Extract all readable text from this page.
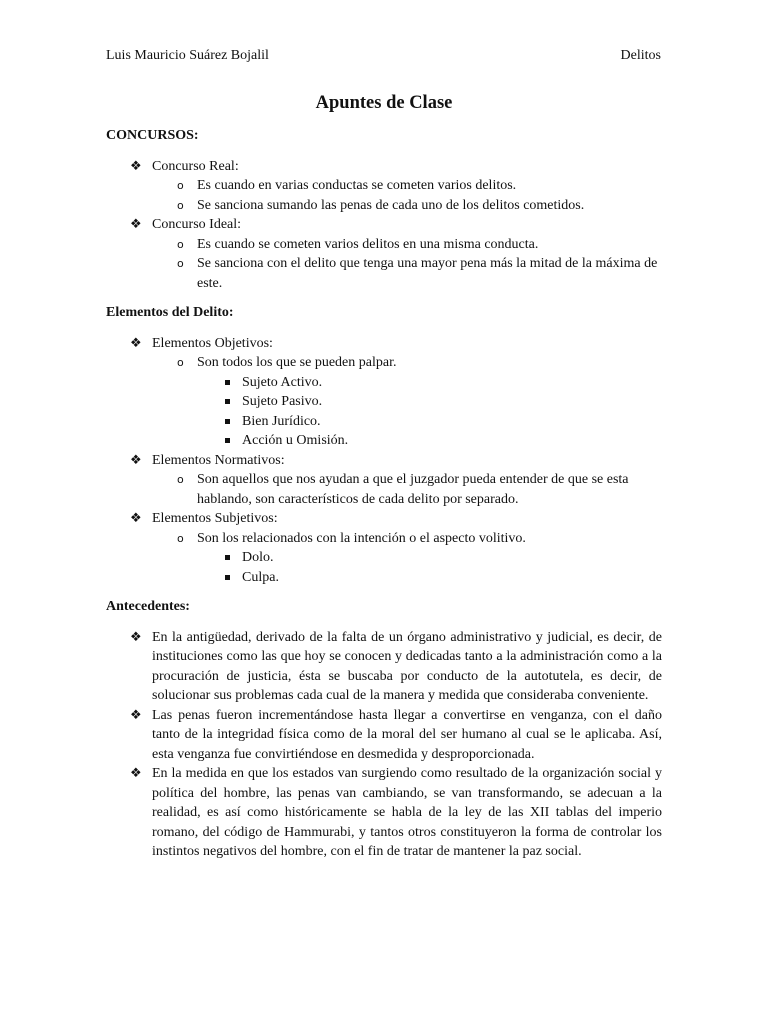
Luis Mauricio Suárez Bojalil	Delitos
Apuntes de Clase

CONCURSOS:

❖ Concurso Real:
o Es cuando en varias conductas se cometen varios delitos.
o Se sanciona sumando las penas de cada uno de los delitos cometidos.
❖ Concurso Ideal:
o Es cuando se cometen varios delitos en una misma conducta.
o Se sanciona con el delito que tenga una mayor pena más la mitad de la máxima de este.

Elementos del Delito:

❖ Elementos Objetivos:
o Son todos los que se pueden palpar.
Sujeto Activo.
Sujeto Pasivo.
Bien Jurídico.
Acción u Omisión.
❖ Elementos Normativos:
o Son aquellos que nos ayudan a que el juzgador pueda entender de que se esta hablando, son característicos de cada delito por separado.
❖ Elementos Subjetivos:
o Son los relacionados con la intención o el aspecto volitivo.
Dolo.
Culpa.

Antecedentes:

❖ En la antigüedad, derivado de la falta de un órgano administrativo y judicial, es decir, de instituciones como las que hoy se conocen y dedicadas tanto a la administración como a la procuración de justicia, ésta se buscaba por conducto de la autotutela, es decir, de solucionar sus problemas cada cual de la manera y medida que consideraba conveniente.
❖ Las penas fueron incrementándose hasta llegar a convertirse en venganza, con el daño tanto de la integridad física como de la moral del ser humano al cual se le aplicaba. Así, esta venganza fue convirtiéndose en desmedida y desproporcionada.
❖ En la medida en que los estados van surgiendo como resultado de la organización social y política del hombre, las penas van cambiando, se van transformando, se adecuan a la realidad, es así como históricamente se habla de la ley de las XII tablas del imperio romano, del código de Hammurabi, y tantos otros constituyeron la forma de controlar los instintos negativos del hombre, con el fin de tratar de mantener la paz social.
